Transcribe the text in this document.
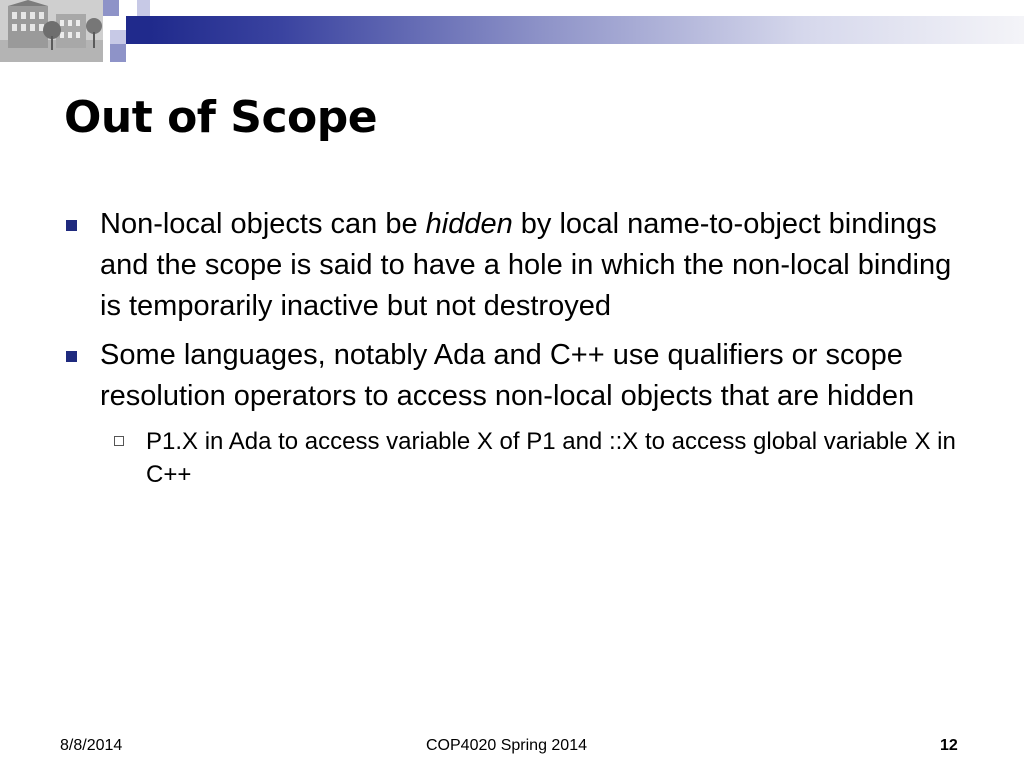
Out of Scope
Non-local objects can be hidden by local name-to-object bindings and the scope is said to have a hole in which the non-local binding is temporarily inactive but not destroyed
Some languages, notably Ada and C++ use qualifiers or scope resolution operators to access non-local objects that are hidden
P1.X in Ada to access variable X of P1 and ::X to access global variable X in C++
8/8/2014	COP4020 Spring 2014	12
